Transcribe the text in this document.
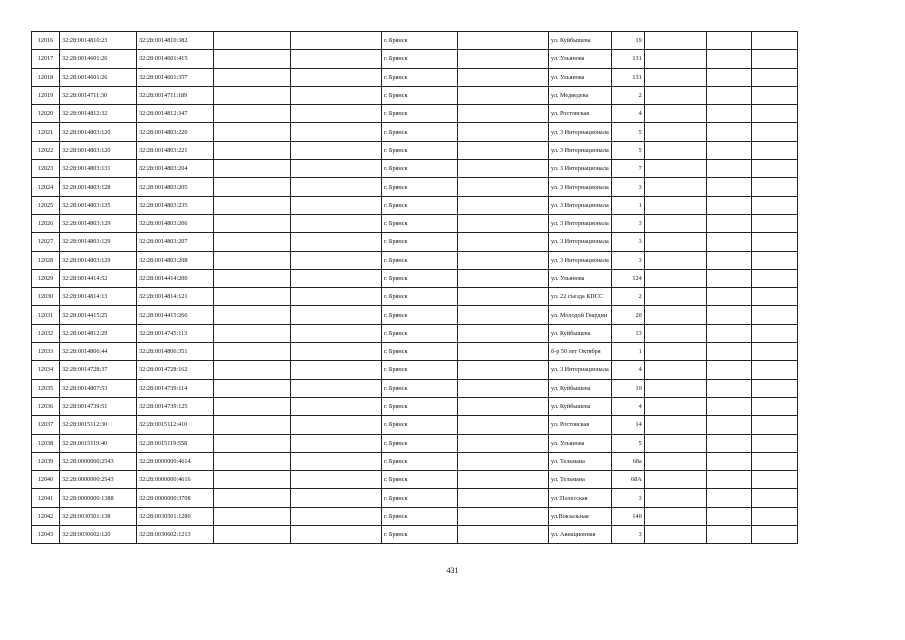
12016	32:28:0014810:23	32:28:0014810:382			г. Брянск		ул. Куйбышева	19			
12017	32:28:0014601:26	32:28:0014601:415			г. Брянск		ул. Ульянова	131			
12018	32:28:0014601:26	32:28:0014601:357			г. Брянск		ул. Ульянова	131			
12019	32:28:0014711:30	32:28:0014711:189			г. Брянск		ул. Медведева	2			
12020	32:28:0014812:32	32:28:0014812:347			г. Брянск		ул. Ростовская	4			
12021	32:28:0014803:120	32:28:0014803:220			г. Брянск		ул. 3 Интернационала	5			
12022	32:28:0014803:120	32:28:0014803:221			г. Брянск		ул. 3 Интернационала	5			
12023	32:28:0014803:131	32:28:0014803:204			г. Брянск		ул. 3 Интернационала	7			
12024	32:28:0014803:128	32:28:0014803:205			г. Брянск		ул. 3 Интернационала	3			
12025	32:28:0014803:135	32:28:0014803:235			г. Брянск		ул. 3 Интернационала	1			
12026	32:28:0014803:129	32:28:0014803:206			г. Брянск		ул. 3 Интернационала	3			
12027	32:28:0014803:129	32:28:0014803:207			г. Брянск		ул. 3 Интернационала	3			
12028	32:28:0014803:129	32:28:0014803:208			г. Брянск		ул. 3 Интернационала	3			
12029	32:28:0014414:52	32:28:0014414:200			г. Брянск		ул. Ульянова	124			
12030	32:28:0014814:13	32:28:0014814:121			г. Брянск		ул. 22 съезда КПСС	2			
12031	32:28:0014415:25	32:28:0014415:266			г. Брянск		ул. Молодой Гвардии	20			
12032	32:28:0014812:29	32:28:0014745:113			г. Брянск		ул. Куйбышева	13			
12033	32:28:0014806:44	32:28:0014806:351			г. Брянск		б-р 50 лет Октября	1			
12034	32:28:0014728:37	32:28:0014728:162			г. Брянск		ул. 3 Интернационала	4			
12035	32:28:0014807:53	32:28:0014739:114			г. Брянск		ул. Куйбышева	10			
12036	32:28:0014739:51	32:28:0014739:125			г. Брянск		ул. Куйбышева	4			
12037	32:28:0015112:30	32:28:0015112:410			г. Брянск		ул. Ростовская	14			
12038	32:28:0015119:40	32:28:0015119:558			г. Брянск		ул. Ульянова	5			
12039	32:28:0000000:2543	32:28:0000000:4614			г. Брянск		ул. Тельмана	68а			
12040	32:28:0000000:2543	32:28:0000000:4616			г. Брянск		ул. Тельмана	68А			
12041	32:28:0000000:1388	32:28:0000000:3708			г. Брянск		ул. Полесская	3			
12042	32:28:0030501:138	32:28:0030501:1280			г. Брянск		ул.Вокзальная	140			
12043	32:28:0030602:120	32:28:0030602:1213			г. Брянск		ул. Авиационная	3			
431
